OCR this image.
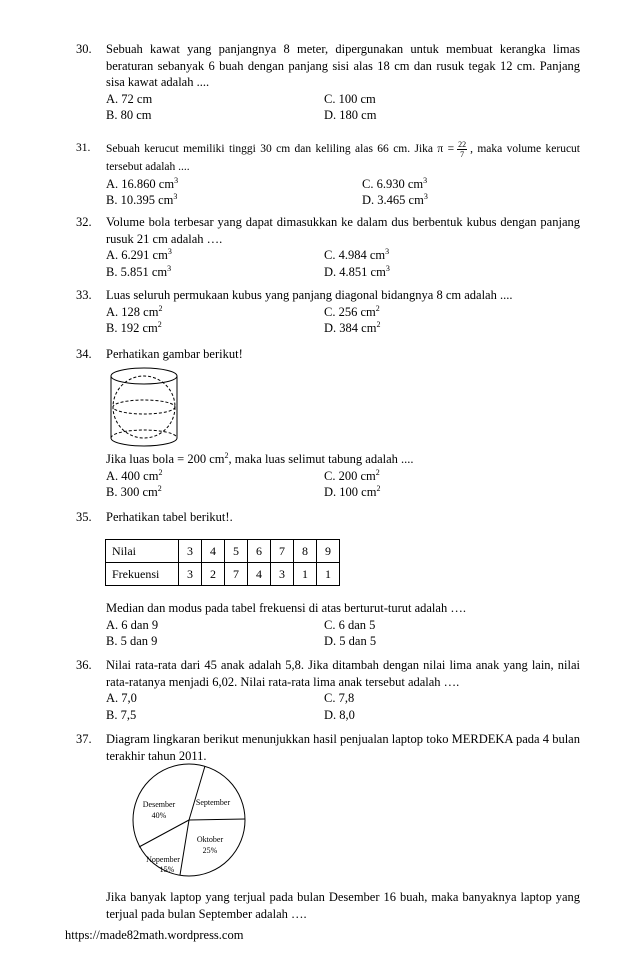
30.	Sebuah kawat yang panjangnya 8 meter, dipergunakan untuk membuat kerangka limas beraturan sebanyak 6 buah dengan panjang sisi alas 18 cm dan rusuk tegak 12 cm. Panjang sisa kawat adalah ....
A. 72 cm	C. 100 cm
B. 80 cm	D. 180 cm
31.	Sebuah kerucut memiliki tinggi 30 cm dan keliling alas 66 cm. Jika $\pi = \frac{22}{7}$ , maka volume kerucut tersebut adalah ....
A. 16.860 $cm^3$	C. 6.930 $cm^3$
B. 10.395 $cm^3$	D. 3.465 $cm^3$
32.	Volume bola terbesar yang dapat dimasukkan ke dalam dus berbentuk kubus dengan panjang rusuk 21 cm adalah ….
A. 6.291 $cm^3$	C. 4.984 $cm^3$
B. 5.851 $cm^3$	D. 4.851 $cm^3$
33.	Luas seluruh permukaan kubus yang panjang diagonal bidangnya 8 cm adalah ....
A. 128 $cm^2$	C. 256 $cm^2$
B. 192 $cm^2$	D. 384 $cm^2$
34.	Perhatikan gambar berikut!
Jika luas bola = 200 $cm^2$, maka luas selimut tabung adalah ....
A. 400 $cm^2$	C. 200 $cm^2$
B. 300 $cm^2$	D. 100 $cm^2$
35.	Perhatikan tabel berikut!.
Nilai	3	4	5	6	7	8	9
Frekuensi	3	2	7	4	3	1	1
Median dan modus pada tabel frekuensi di atas berturut-turut adalah ….
A. 6 dan 9	C. 6 dan 5
B. 5 dan 9	D. 5 dan 5
36.	Nilai rata-rata dari 45 anak adalah 5,8. Jika ditambah dengan nilai lima anak yang lain, nilai rata-ratanya menjadi 6,02. Nilai rata-rata lima anak tersebut adalah ….
A. 7,0	C. 7,8
B. 7,5	D. 8,0
37.	Diagram lingkaran berikut menunjukkan hasil penjualan laptop toko MERDEKA pada 4 bulan terakhir tahun 2011.
Desember
40%
September
Oktober
25%
Nopember
15%
Jika banyak laptop yang terjual pada bulan Desember 16 buah, maka banyaknya laptop yang terjual pada bulan September adalah ….
https://made82math.wordpress.com
